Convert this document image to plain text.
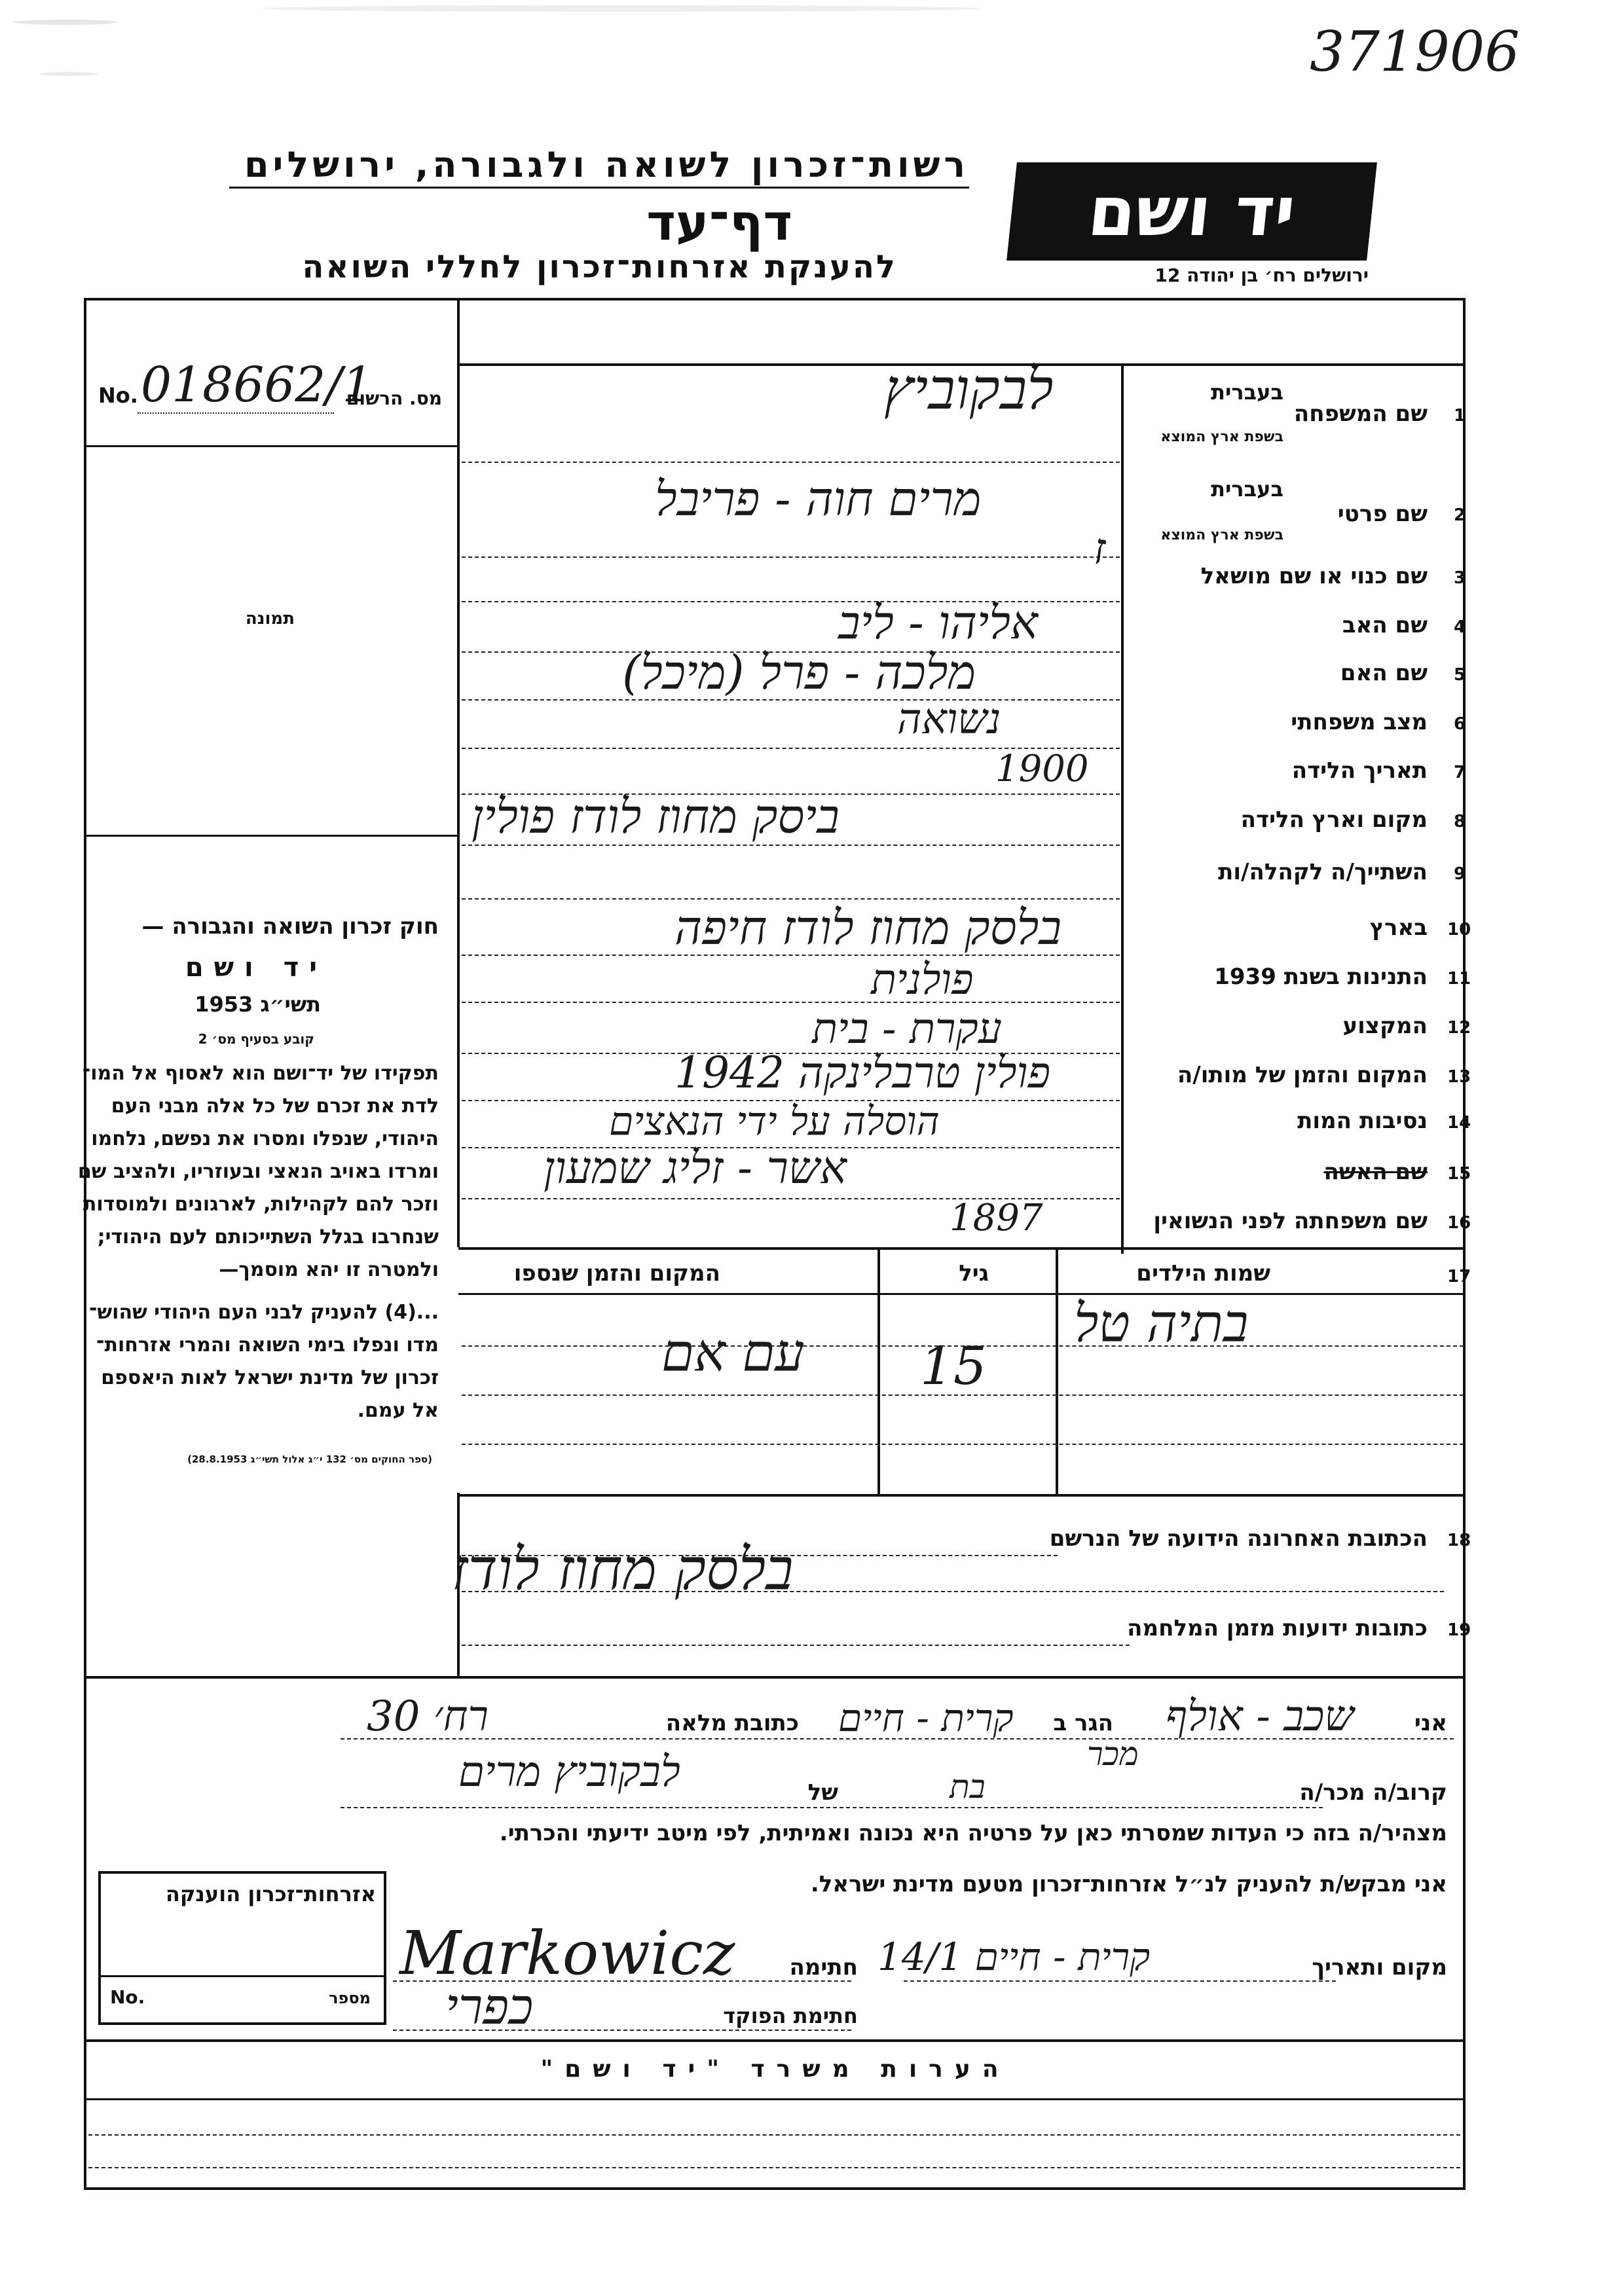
371906
רשות־זכרון לשואה ולגבורה, ירושלים
דף־עד
להענקת אזרחות־זכרון לחללי השואה
יד ושם
ירושלים רח׳ בן יהודה 12
No. 018662/1
מס. הרשום
תמונה
חוק זכרון השואה והגבורה —
יד ושם
תשי״ג 1953
קובע בסעיף מס׳ 2
תפקידו של יד־ושם הוא לאסוף אל המו־
לדת את זכרם של כל אלה מבני העם
היהודי, שנפלו ומסרו את נפשם, נלחמו
ומרדו באויב הנאצי ובעוזריו, ולהציב שם
וזכר להם לקהילות, לארגונים ולמוסדות
שנחרבו בגלל השתייכותם לעם היהודי;
ולמטרה זו יהא מוסמך—
...(4) להעניק לבני העם היהודי שהוש־
מדו ונפלו בימי השואה והמרי אזרחות־
זכרון של מדינת ישראל לאות היאספם
אל עמם.
(ספר החוקים מס׳ 132 י״ג אלול תשי״ג 28.8.1953)
בעברית
בשפת ארץ המוצא
בעברית
בשפת ארץ המוצא
1
שם המשפחה
לבקוביץ
2
שם פרטי
מרים חוה - פריבל
3
שם כנוי או שם מושאל
ז
4
שם האב
אליהו - ליב
5
שם האם
מלכה - פרל (מיכל)
6
מצב משפחתי
נשואה
7
תאריך הלידה
1900
8
מקום וארץ הלידה
ביסק מחוז לודז פולין
9
השתייך/ה לקהלה/ות
10
בארץ
בלסק מחוז לודז חיפה
11
התנינות בשנת 1939
פולנית
12
המקצוע
עקרת - בית
13
המקום והזמן של מותו/ה
פולין טרבלינקה 1942
14
נסיבות המות
הוסלה על ידי הנאצים
15
שם האשה
אשר - זליג שמעון
16
שם משפחתה לפני הנשואין
1897
17
שמות הילדים
גיל
המקום והזמן שנספו
בתיה טל
15
עם אם
18
הכתובת האחרונה הידועה של הנרשם
בלסק מחוז לודז
19
כתובות ידועות מזמן המלחמה
אני
שכב - אולף
הגר ב
קרית - חיים
כתובת מלאה
רח׳ 30
קרוב/ה מכר/ה
מכר
בת
של
לבקוביץ מרים
מצהיר/ה בזה כי העדות שמסרתי כאן על פרטיה היא נכונה ואמיתית, לפי מיטב ידיעתי והכרתי.
אני מבקש/ת להעניק לנ״ל אזרחות־זכרון מטעם מדינת ישראל.
מקום ותאריך
קרית - חיים 14/1
חתימה
Markowicz
חתימת הפוקד
כפרי
אזרחות־זכרון הוענקה
No.	מספר
הערות משרד "יד ושם"
